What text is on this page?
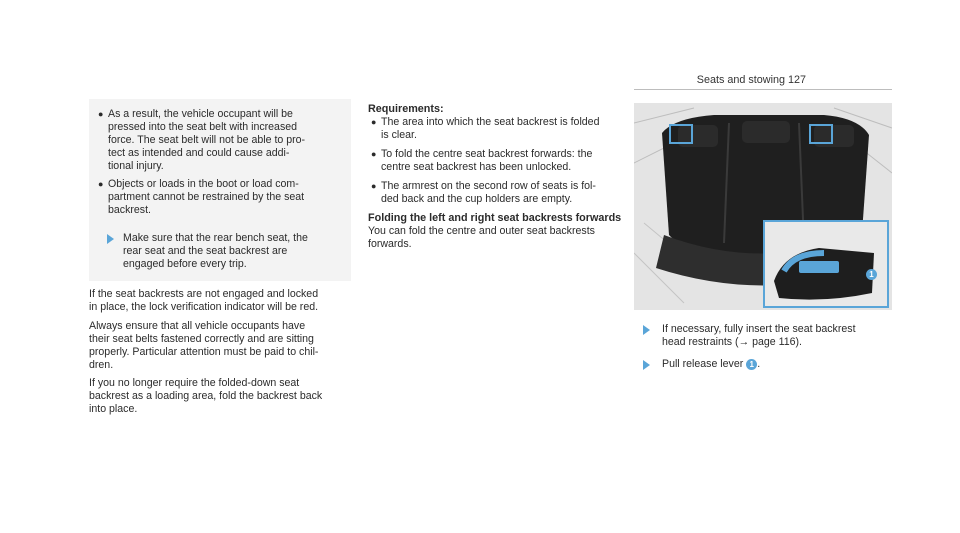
Seats and stowing 127
● As a result, the vehicle occupant will be
pressed into the seat belt with increased
force. The seat belt will not be able to pro-
tect as intended and could cause addi-
tional injury.
● Objects or loads in the boot or load com-
partment cannot be restrained by the seat
backrest.
Make sure that the rear bench seat, the
rear seat and the seat backrest are
engaged before every trip.
If the seat backrests are not engaged and locked
in place, the lock verification indicator will be red.
Always ensure that all vehicle occupants have
their seat belts fastened correctly and are sitting
properly. Particular attention must be paid to chil-
dren.
If you no longer require the folded-down seat
backrest as a loading area, fold the backrest back
into place.
Requirements:
● The area into which the seat backrest is folded
is clear.
● To fold the centre seat backrest forwards: the
centre seat backrest has been unlocked.
● The armrest on the second row of seats is fol-
ded back and the cup holders are empty.
Folding the left and right seat backrests forwards
You can fold the centre and outer seat backrests
forwards.
1
If necessary, fully insert the seat backrest
head restraints (→ page 116).
Pull release lever 1 .
